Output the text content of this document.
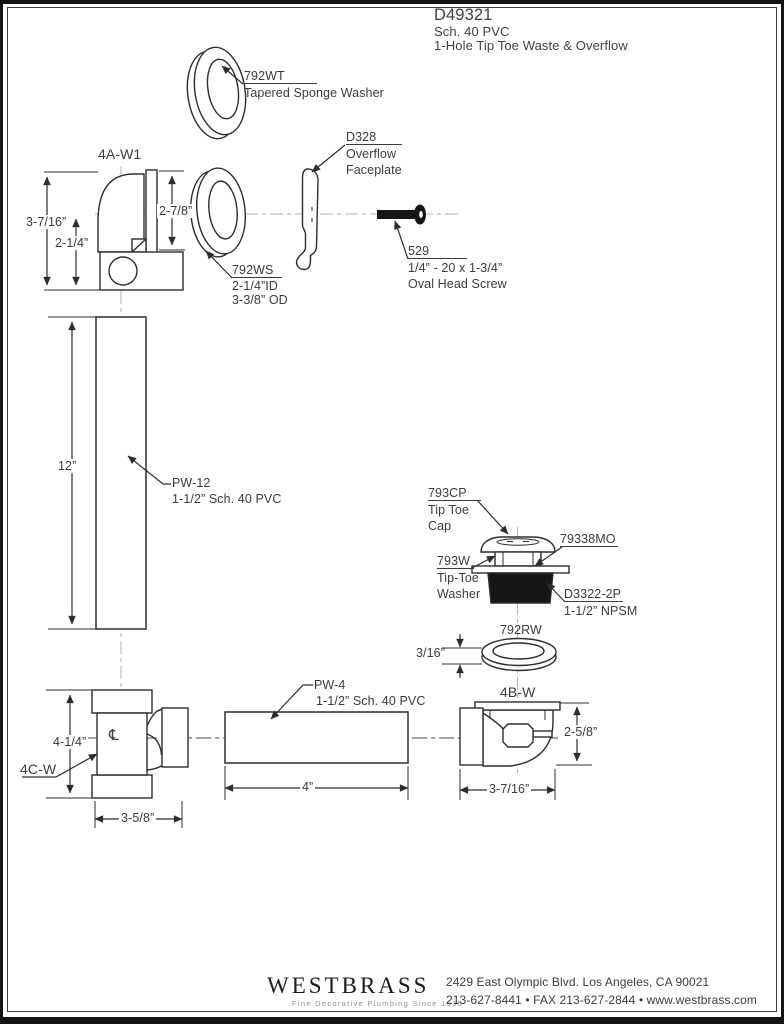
D49321
Sch. 40 PVC
1-Hole Tip Toe Waste & Overflow
792WT
Tapered Sponge Washer
4A-W1
3-7/16”
2-1/4”
2-7/8”
792WS
2-1/4”ID
3-3/8” OD
D328
Overflow
Faceplate
529
1/4” - 20 x 1-3/4”
Oval Head Screw
PW-12
1-1/2” Sch. 40 PVC
12”
793CP
Tip Toe
Cap
79338MO
793W
Tip-Toe
Washer	D3322-2P
1-1/2” NPSM
792RW
3/16”
PW-4
1-1/2” Sch. 40 PVC
4”
4B-W
2-5/8”
3-7/16”
4C-W
4-1/4”
3-5/8”
℄
WESTBRASS
Fine Decorative Plumbing Since 1935
2429 East Olympic Blvd. Los Angeles, CA 90021
213-627-8441 • FAX 213-627-2844 • www.westbrass.com
